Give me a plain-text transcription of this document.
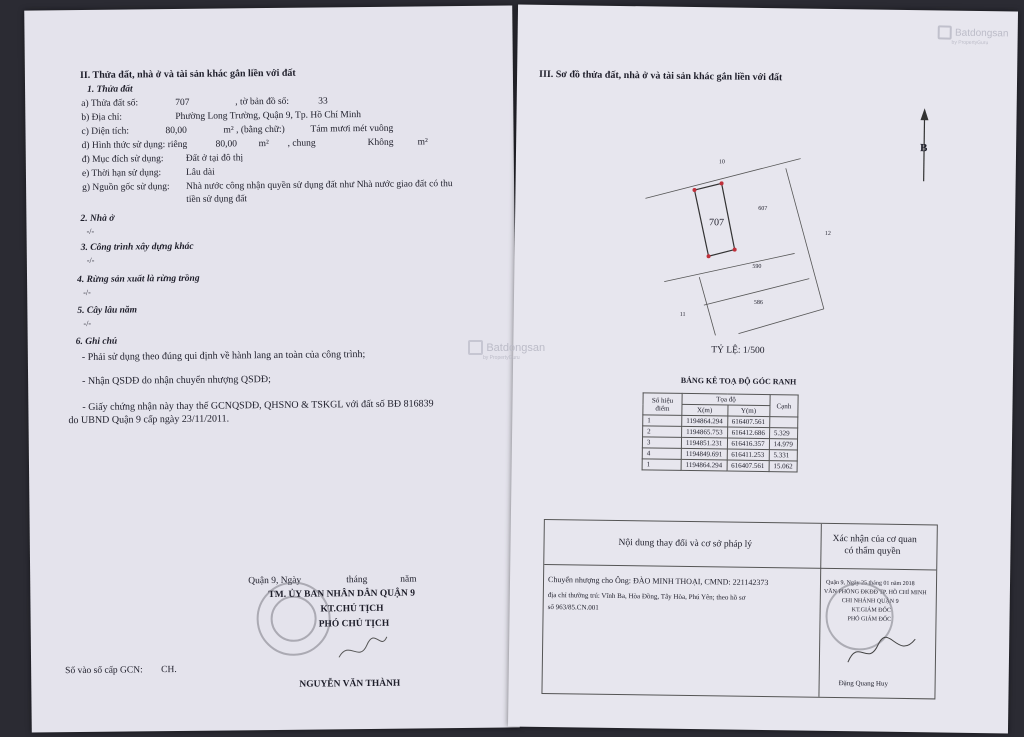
II. Thửa đất, nhà ở và tài sản khác gắn liền với đất
1. Thửa đất
a) Thửa đất số:	707	, tờ bản đồ số:	33
b) Địa chỉ:	Phường Long Trường, Quận 9, Tp. Hồ Chí Minh
c) Diện tích:	80,00	m² , (bằng chữ:)	Tám mươi mét vuông
d) Hình thức sử dụng: riêng	80,00 m² , chung	Không	m²
đ) Mục đích sử dụng: Đất ở tại đô thị
e) Thời hạn sử dụng:	Lâu dài
g) Nguồn gốc sử dụng: Nhà nước công nhận quyền sử dụng đất như Nhà nước giao đất có thu
tiền sử dụng đất
2. Nhà ở
-/-
3. Công trình xây dựng khác
-/-
4. Rừng sản xuất là rừng trồng
-/-
5. Cây lâu năm
-/-
6. Ghi chú
- Phải sử dụng theo đúng qui định về hành lang an toàn của công trình;
- Nhận QSDĐ do nhận chuyển nhượng QSDĐ;
- Giấy chứng nhận này thay thế GCNQSDĐ, QHSNO & TSKGL với đất số BĐ 816839
do UBND Quận 9 cấp ngày 23/11/2011.
Quận 9, Ngày	tháng	năm
TM. ỦY BAN NHÂN DÂN QUẬN 9
KT.CHỦ TỊCH
PHÓ CHỦ TỊCH
NGUYỄN VĂN THÀNH
Số vào sổ cấp GCN: CH.
III. Sơ đồ thửa đất, nhà ở và tài sản khác gắn liền với đất
B
10
607
707
12
590
586
11
TỶ LỆ: 1/500
BẢNG KÊ TOẠ ĐỘ GÓC RANH
Số hiệu điểm	Tọa độ		Cạnh
	X(m)	Y(m)	
1	1194864.294	616407.561	
2	1194865.753	616412.686	5.329
3	1194851.231	616416.357	14.979
4	1194849.691	616411.253	5.331
1	1194864.294	616407.561	15.062
Nội dung thay đổi và cơ sở pháp lý	Xác nhận của cơ quan
có thẩm quyền
Chuyển nhượng cho Ông: ĐÀO MINH THOẠI, CMND: 221142373
địa chỉ thường trú: Vĩnh Ba, Hòa Đồng, Tây Hòa, Phú Yên; theo hồ sơ
số 963/85.CN.001
Quận 9, Ngày 25 tháng 01 năm 2018
VĂN PHÒNG ĐKĐĐ TP. HỒ CHÍ MINH
CHI NHÁNH QUẬN 9
KT.GIÁM ĐỐC
PHÓ GIÁM ĐỐC
Đặng Quang Huy
Batdongsan
by PropertyGuru
Batdongsan
by PropertyGuru
